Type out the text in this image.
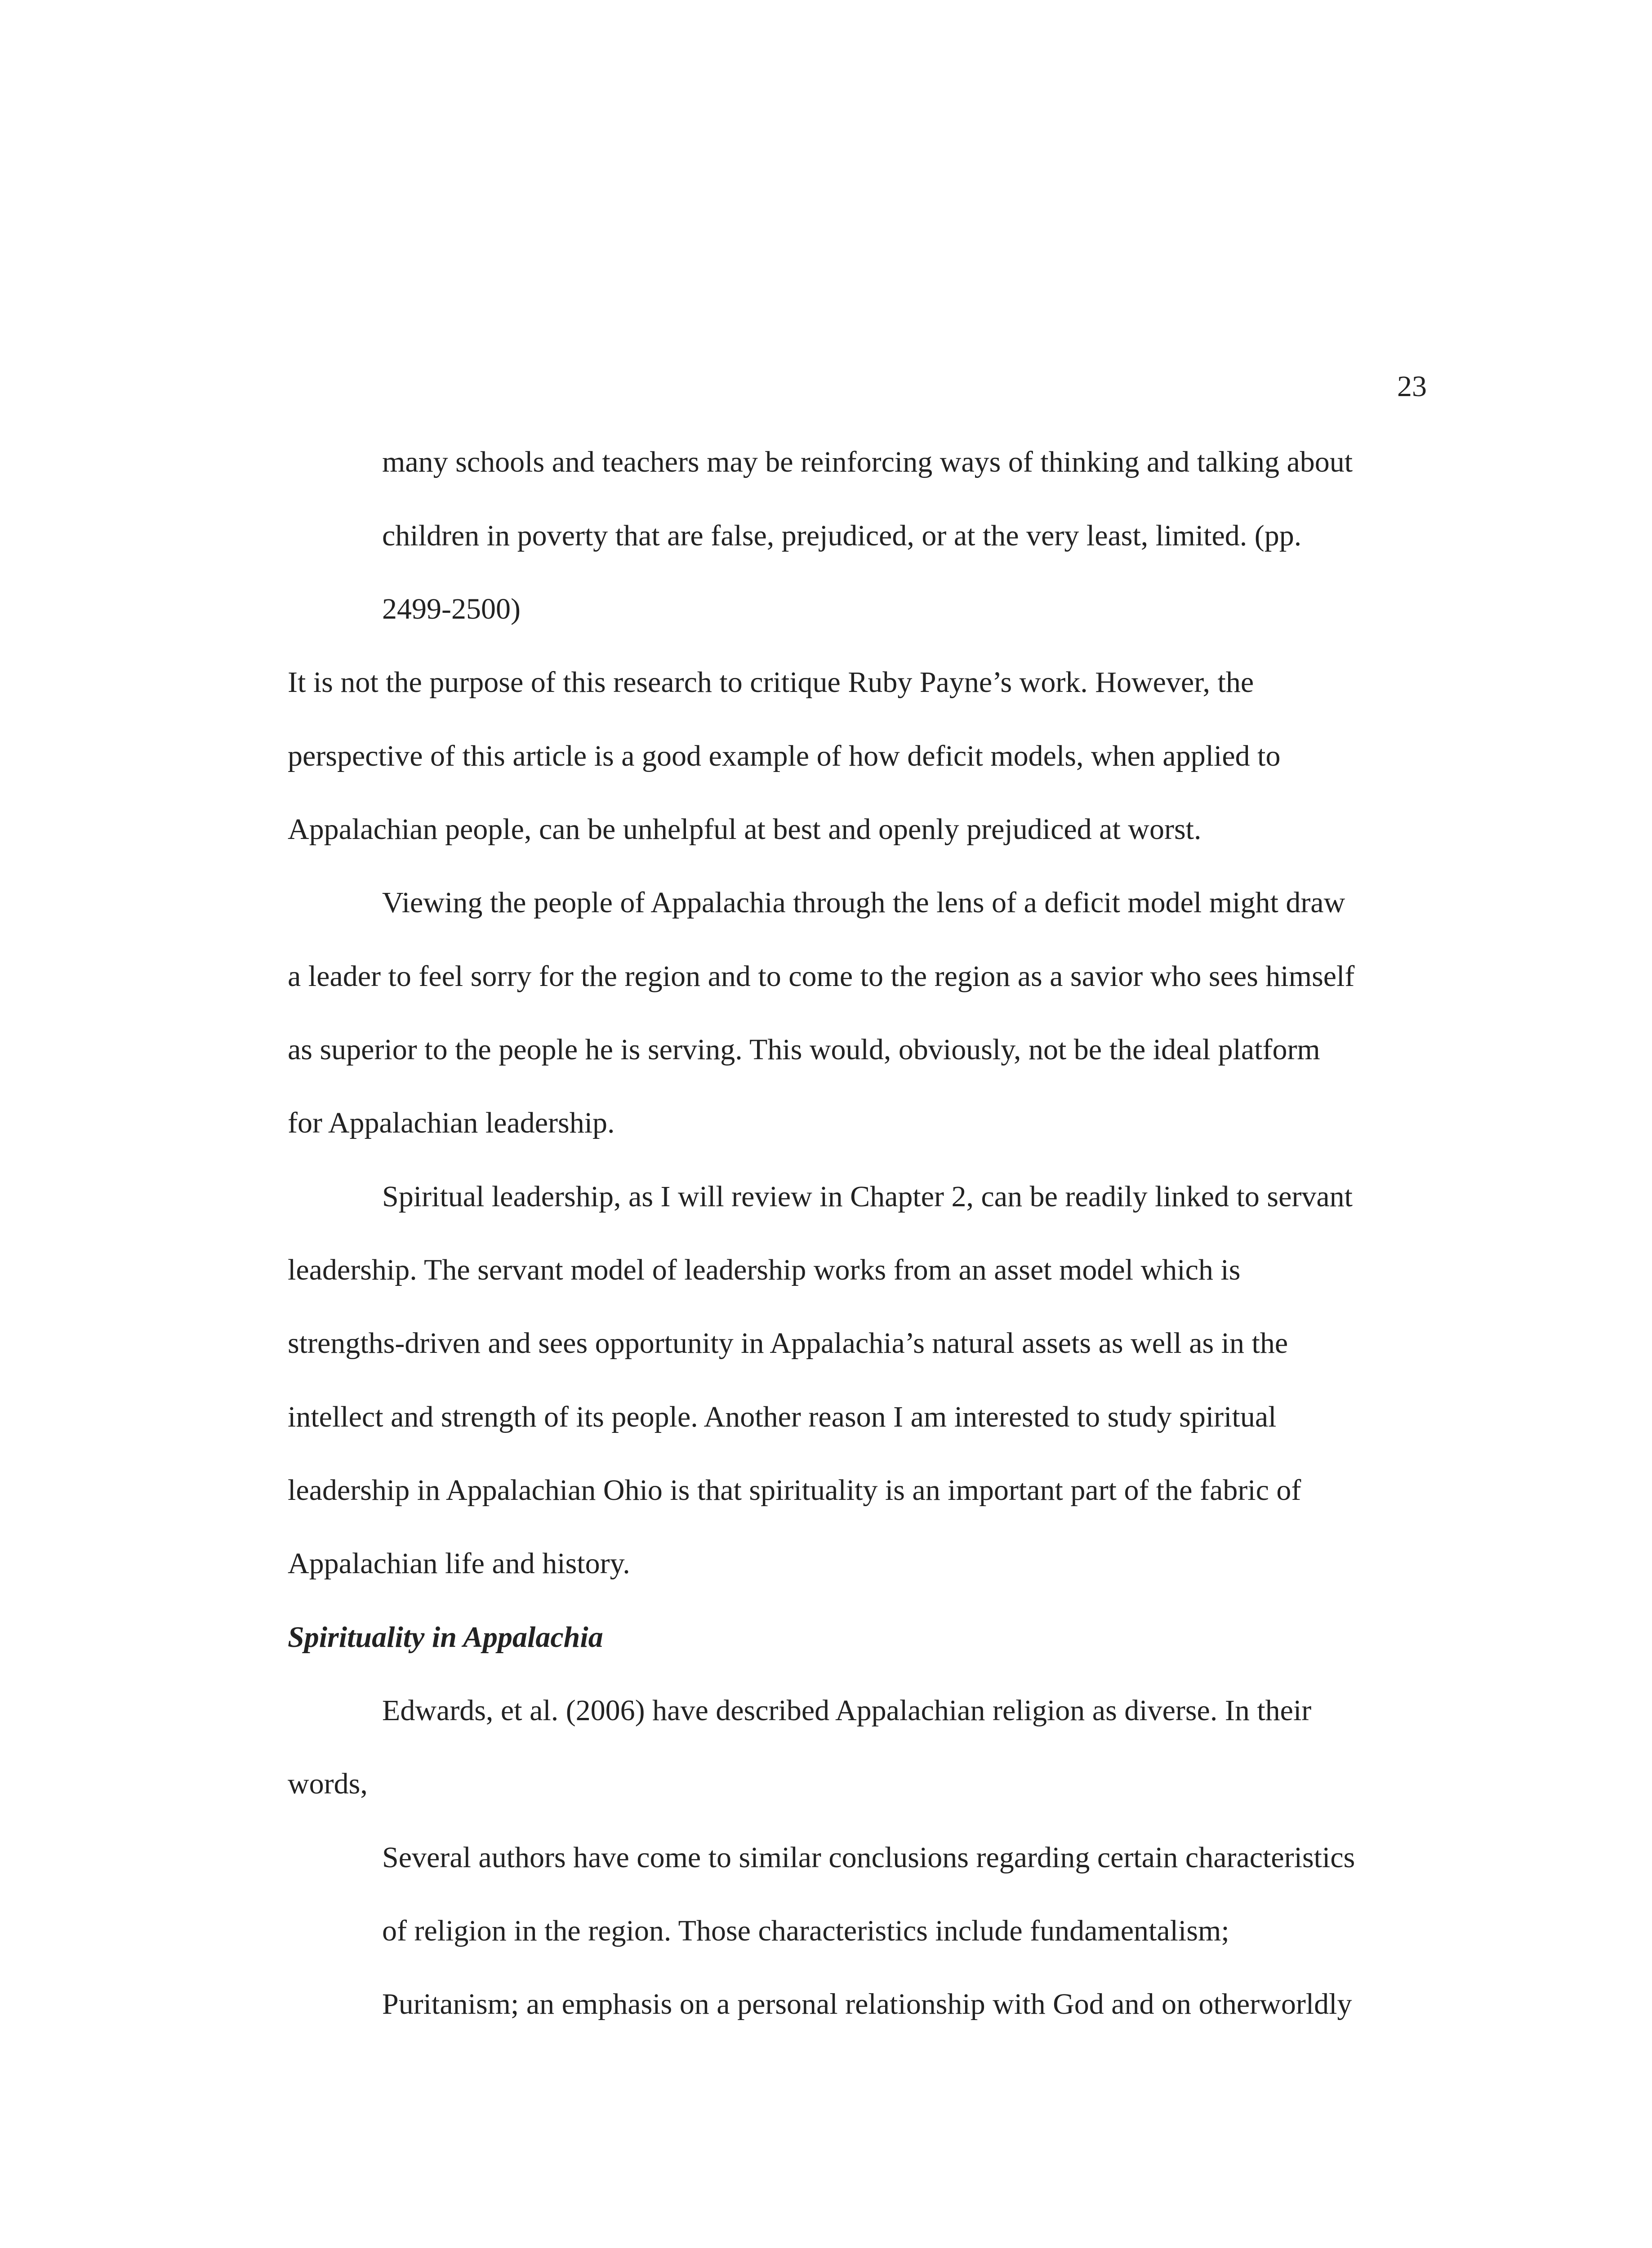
23
many schools and teachers may be reinforcing ways of thinking and talking about
children in poverty that are false, prejudiced, or at the very least, limited. (pp.
2499-2500)
It is not the purpose of this research to critique Ruby Payne’s work. However, the
perspective of this article is a good example of how deficit models, when applied to
Appalachian people, can be unhelpful at best and openly prejudiced at worst.
Viewing the people of Appalachia through the lens of a deficit model might draw
a leader to feel sorry for the region and to come to the region as a savior who sees himself
as superior to the people he is serving. This would, obviously, not be the ideal platform
for Appalachian leadership.
Spiritual leadership, as I will review in Chapter 2, can be readily linked to servant
leadership. The servant model of leadership works from an asset model which is
strengths-driven and sees opportunity in Appalachia’s natural assets as well as in the
intellect and strength of its people. Another reason I am interested to study spiritual
leadership in Appalachian Ohio is that spirituality is an important part of the fabric of
Appalachian life and history.
Spirituality in Appalachia
Edwards, et al. (2006) have described Appalachian religion as diverse. In their
words,
Several authors have come to similar conclusions regarding certain characteristics
of religion in the region. Those characteristics include fundamentalism;
Puritanism; an emphasis on a personal relationship with God and on otherworldly
